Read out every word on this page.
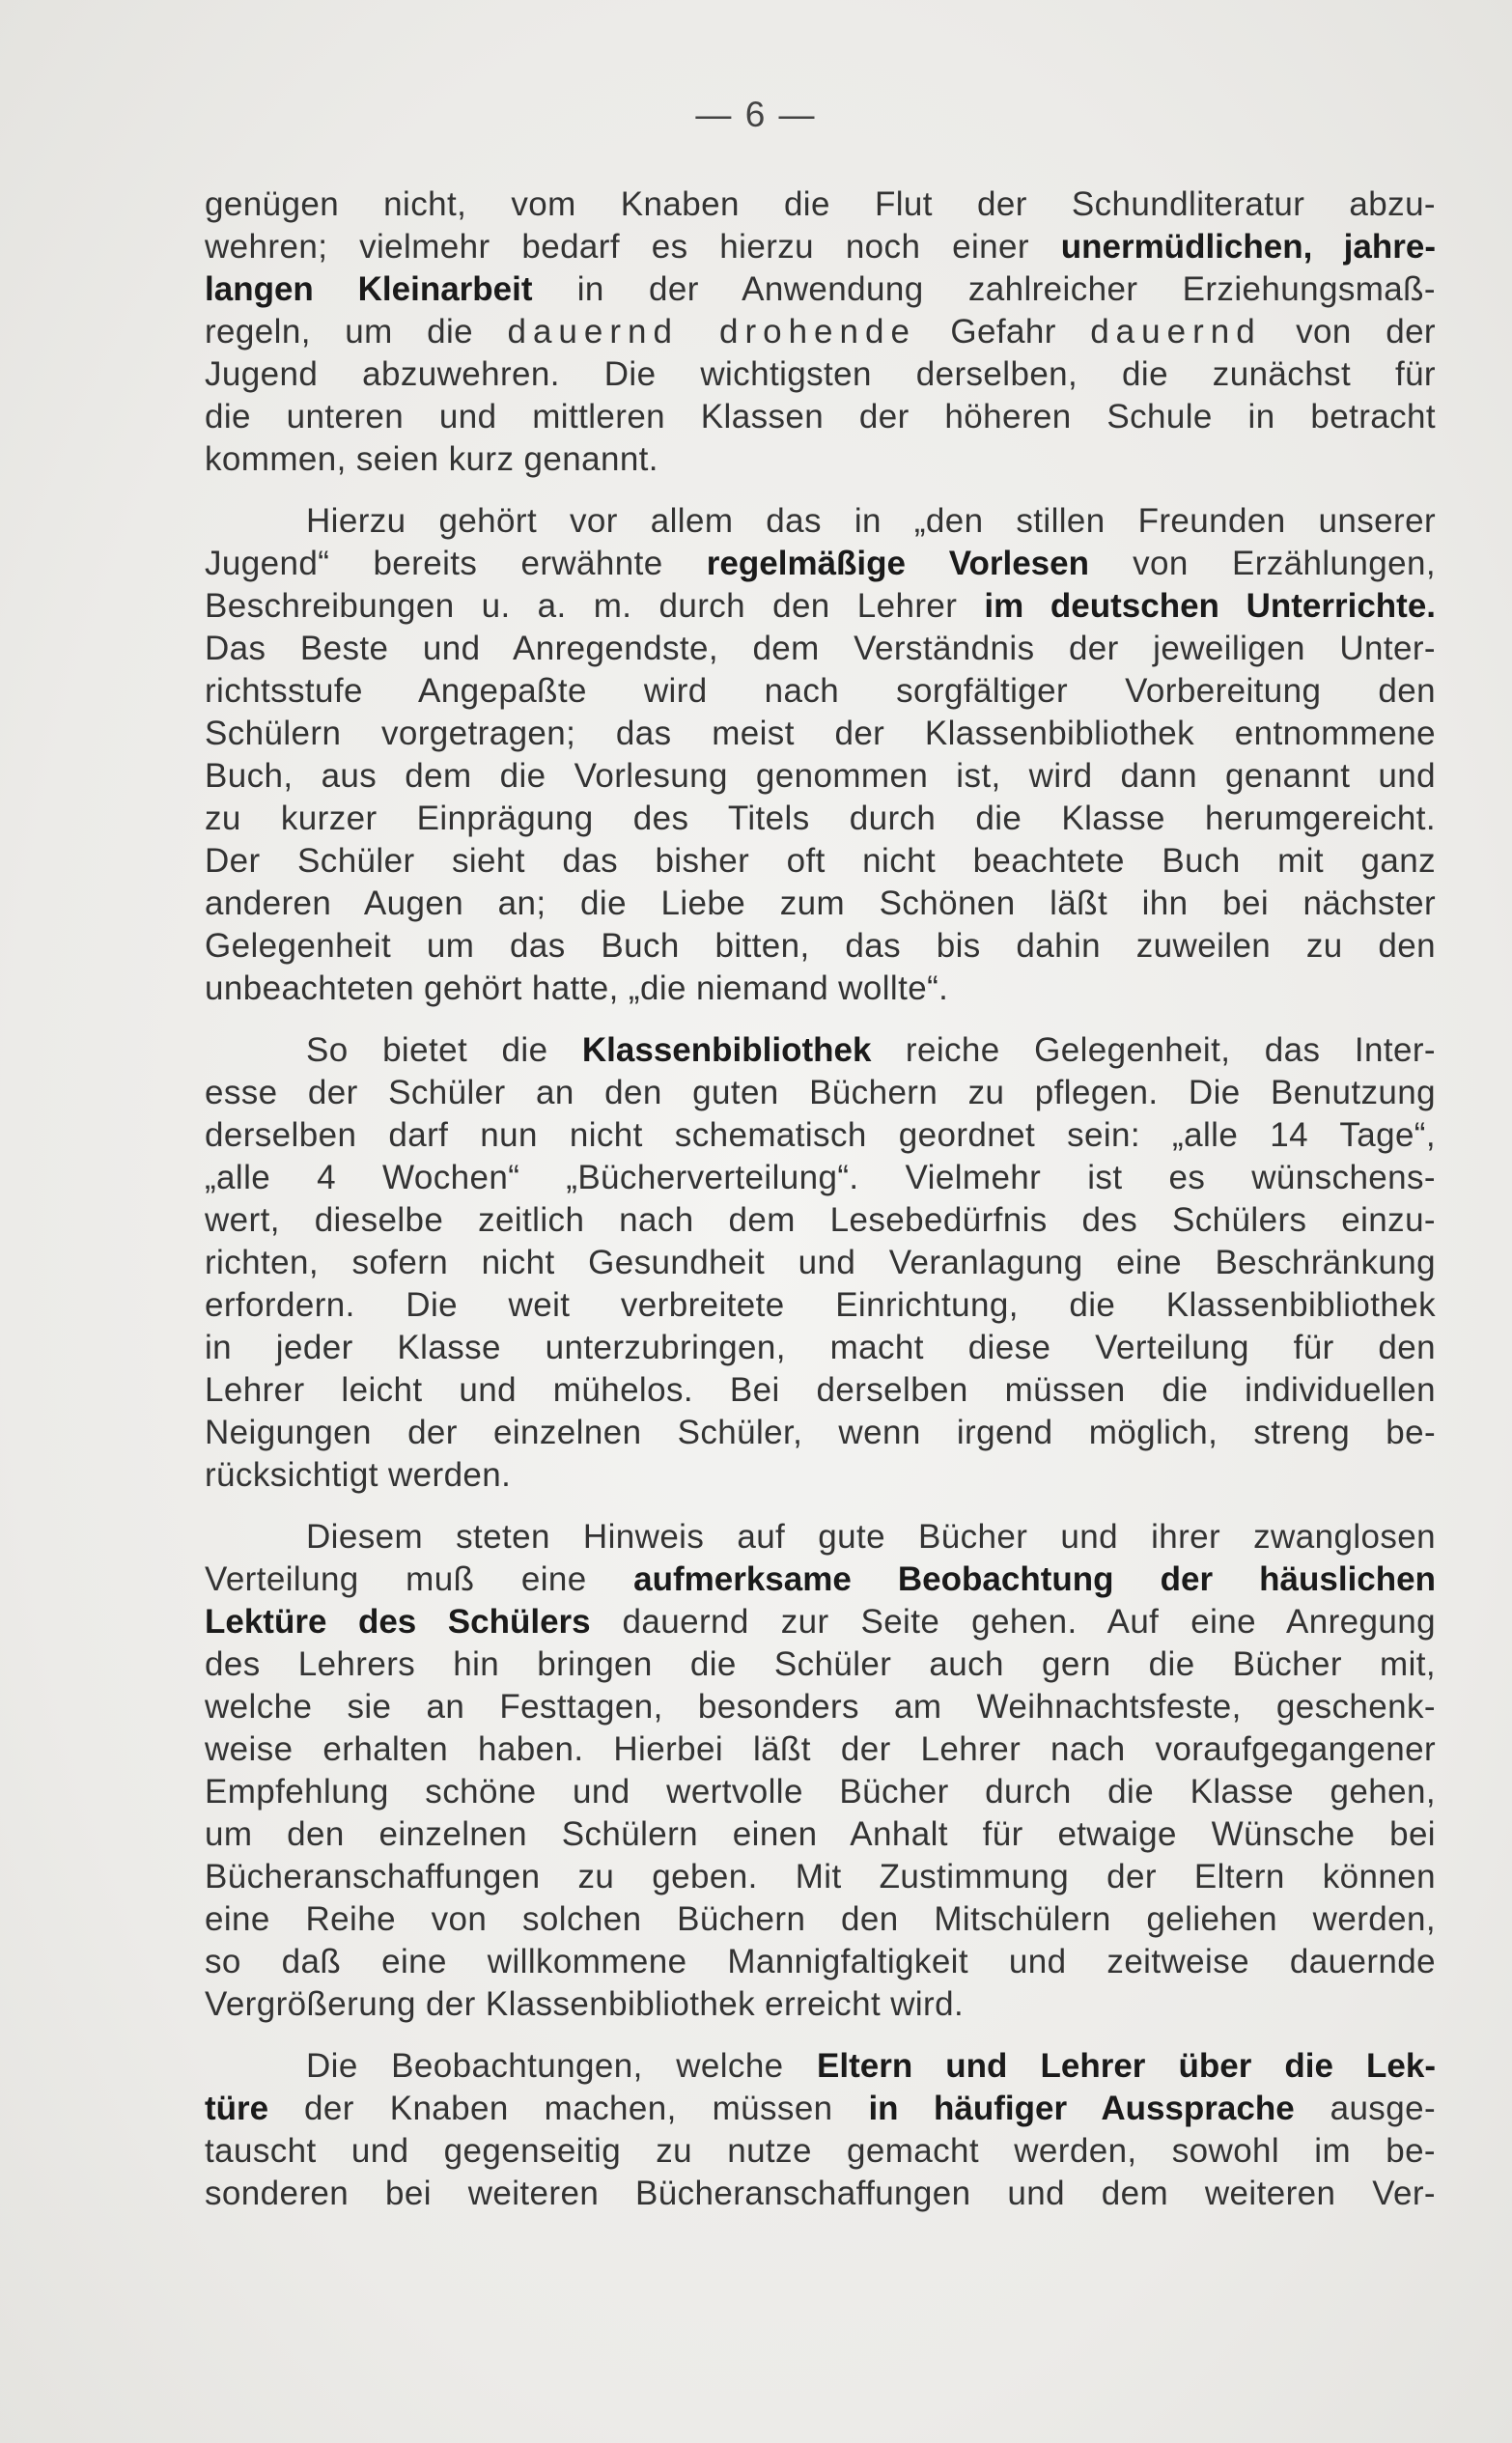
— 6 —
genügen nicht, vom Knaben die Flut der Schundliteratur abzu-
wehren; vielmehr bedarf es hierzu noch einer unermüdlichen, jahre-
langen Kleinarbeit in der Anwendung zahlreicher Erziehungsmaß-
regeln, um die dauernd drohende Gefahr dauernd von der
Jugend abzuwehren. Die wichtigsten derselben, die zunächst für
die unteren und mittleren Klassen der höheren Schule in betracht
kommen, seien kurz genannt.
Hierzu gehört vor allem das in „den stillen Freunden unserer
Jugend“ bereits erwähnte regelmäßige Vorlesen von Erzählungen,
Beschreibungen u. a. m. durch den Lehrer im deutschen Unterrichte.
Das Beste und Anregendste, dem Verständnis der jeweiligen Unter-
richtsstufe Angepaßte wird nach sorgfältiger Vorbereitung den
Schülern vorgetragen; das meist der Klassenbibliothek entnommene
Buch, aus dem die Vorlesung genommen ist, wird dann genannt und
zu kurzer Einprägung des Titels durch die Klasse herumgereicht.
Der Schüler sieht das bisher oft nicht beachtete Buch mit ganz
anderen Augen an; die Liebe zum Schönen läßt ihn bei nächster
Gelegenheit um das Buch bitten, das bis dahin zuweilen zu den
unbeachteten gehört hatte, „die niemand wollte“.
So bietet die Klassenbibliothek reiche Gelegenheit, das Inter-
esse der Schüler an den guten Büchern zu pflegen. Die Benutzung
derselben darf nun nicht schematisch geordnet sein: „alle 14 Tage“,
„alle 4 Wochen“ „Bücherverteilung“. Vielmehr ist es wünschens-
wert, dieselbe zeitlich nach dem Lesebedürfnis des Schülers einzu-
richten, sofern nicht Gesundheit und Veranlagung eine Beschränkung
erfordern. Die weit verbreitete Einrichtung, die Klassenbibliothek
in jeder Klasse unterzubringen, macht diese Verteilung für den
Lehrer leicht und mühelos. Bei derselben müssen die individuellen
Neigungen der einzelnen Schüler, wenn irgend möglich, streng be-
rücksichtigt werden.
Diesem steten Hinweis auf gute Bücher und ihrer zwanglosen
Verteilung muß eine aufmerksame Beobachtung der häuslichen
Lektüre des Schülers dauernd zur Seite gehen. Auf eine Anregung
des Lehrers hin bringen die Schüler auch gern die Bücher mit,
welche sie an Festtagen, besonders am Weihnachtsfeste, geschenk-
weise erhalten haben. Hierbei läßt der Lehrer nach voraufgegangener
Empfehlung schöne und wertvolle Bücher durch die Klasse gehen,
um den einzelnen Schülern einen Anhalt für etwaige Wünsche bei
Bücheranschaffungen zu geben. Mit Zustimmung der Eltern können
eine Reihe von solchen Büchern den Mitschülern geliehen werden,
so daß eine willkommene Mannigfaltigkeit und zeitweise dauernde
Vergrößerung der Klassenbibliothek erreicht wird.
Die Beobachtungen, welche Eltern und Lehrer über die Lek-
türe der Knaben machen, müssen in häufiger Aussprache ausge-
tauscht und gegenseitig zu nutze gemacht werden, sowohl im be-
sonderen bei weiteren Bücheranschaffungen und dem weiteren Ver-
